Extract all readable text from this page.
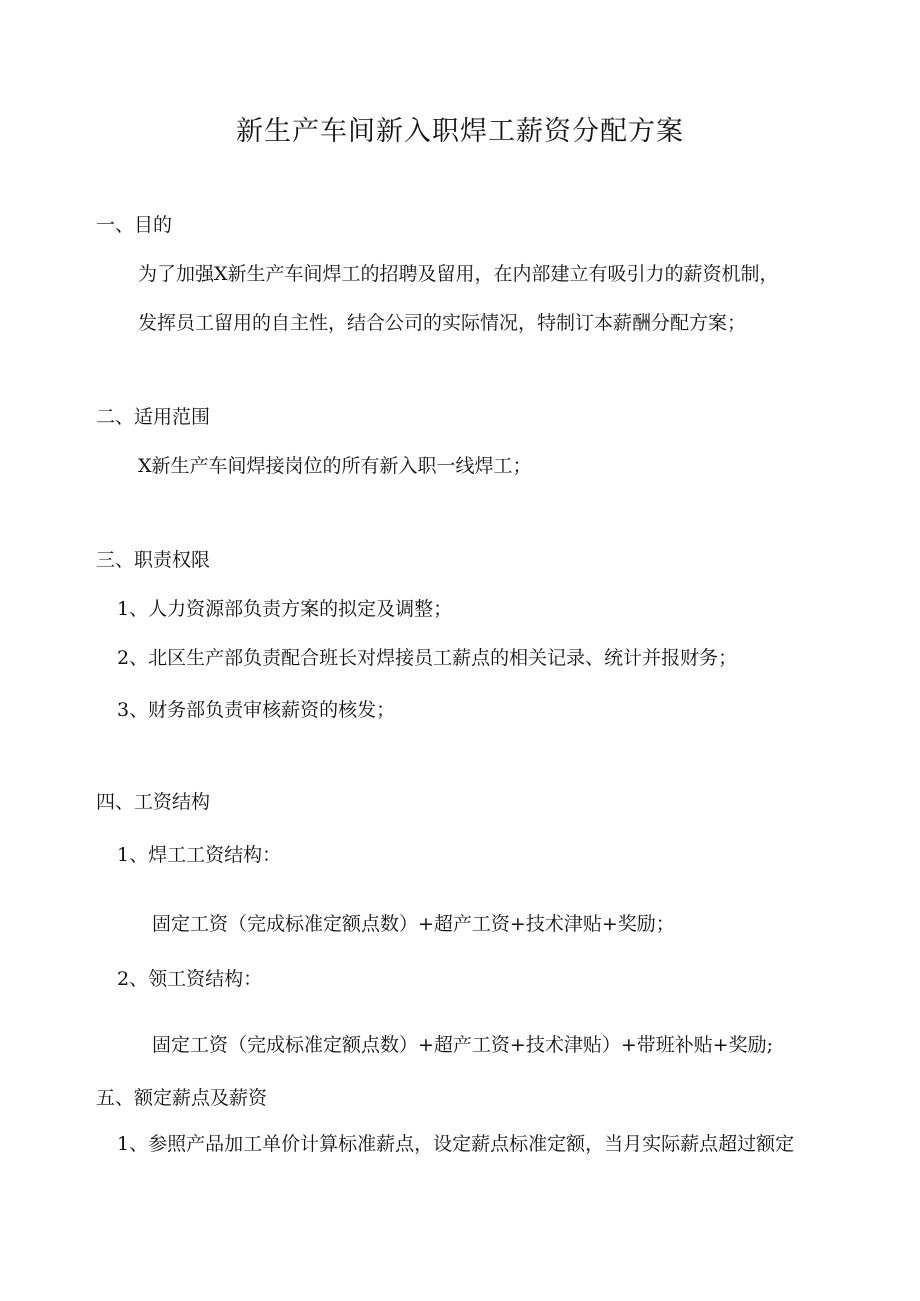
新生产车间新入职焊工薪资分配方案
一、目的
为了加强X新生产车间焊工的招聘及留用，在内部建立有吸引力的薪资机制，
发挥员工留用的自主性，结合公司的实际情况，特制订本薪酬分配方案；
二、适用范围
X新生产车间焊接岗位的所有新入职一线焊工；
三、职责权限
1、人力资源部负责方案的拟定及调整；
2、北区生产部负责配合班长对焊接员工薪点的相关记录、统计并报财务；
3、财务部负责审核薪资的核发；
四、工资结构
1、焊工工资结构：
固定工资（完成标准定额点数）+超产工资+技术津贴+奖励；
2、领工资结构：
固定工资（完成标准定额点数）+超产工资+技术津贴）+带班补贴+奖励;
五、额定薪点及薪资
1、参照产品加工单价计算标准薪点，设定薪点标准定额，当月实际薪点超过额定
